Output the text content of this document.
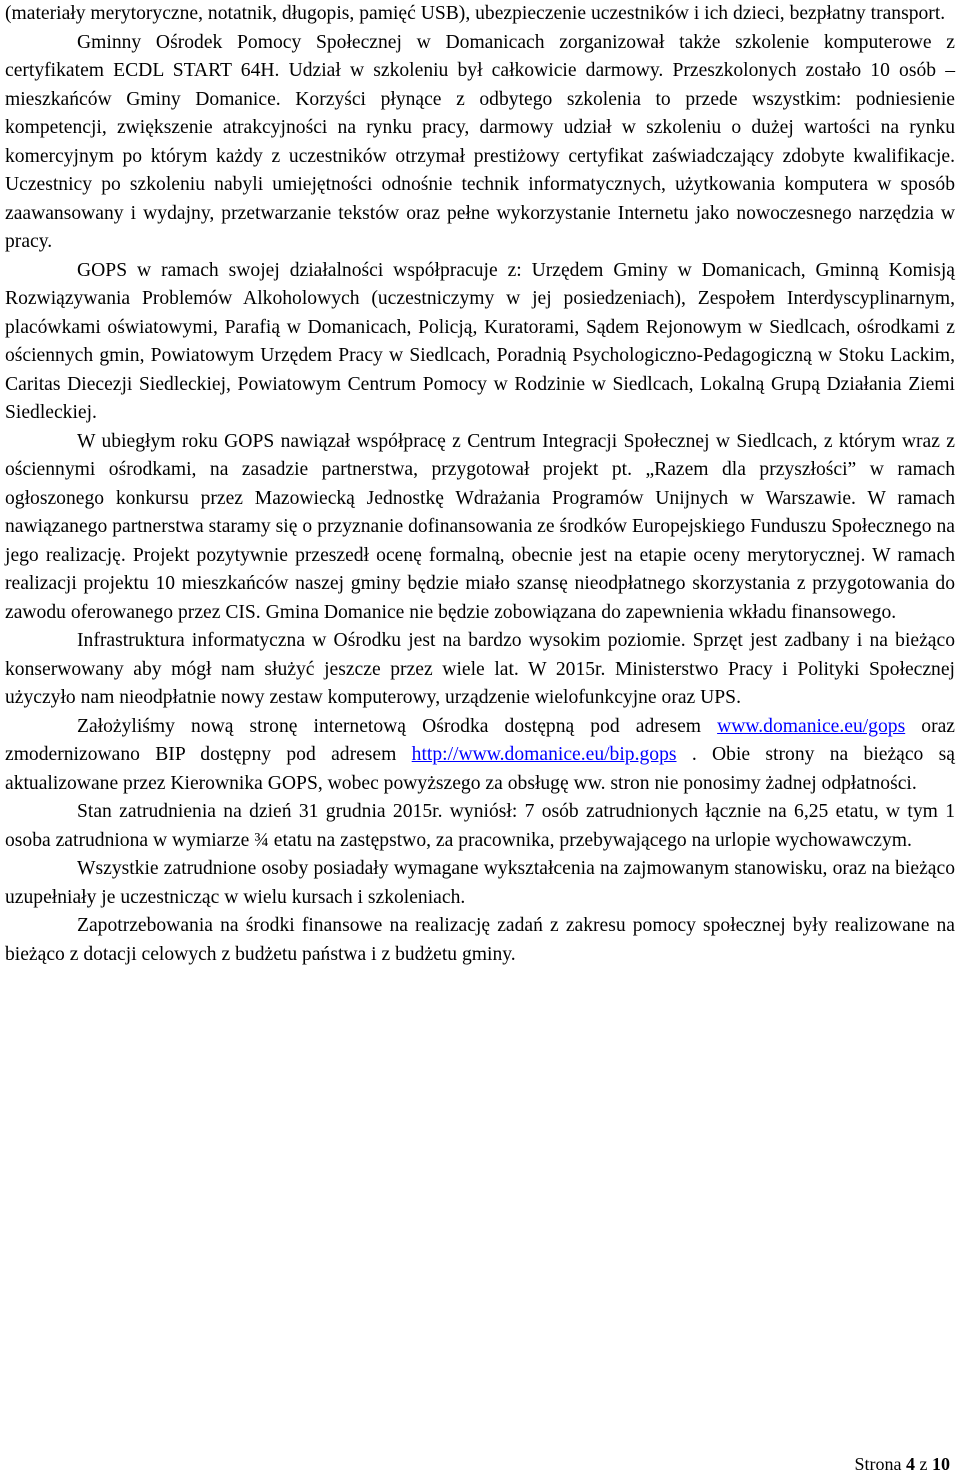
(materiały merytoryczne, notatnik, długopis, pamięć USB), ubezpieczenie uczestników i ich dzieci, bezpłatny transport.

Gminny Ośrodek Pomocy Społecznej w Domanicach zorganizował także szkolenie komputerowe z certyfikatem ECDL START 64H. Udział w szkoleniu był całkowicie darmowy. Przeszkolonych zostało 10 osób – mieszkańców Gminy Domanice. Korzyści płynące z odbytego szkolenia to przede wszystkim: podniesienie kompetencji, zwiększenie atrakcyjności na rynku pracy, darmowy udział w szkoleniu o dużej wartości na rynku komercyjnym po którym każdy z uczestników otrzymał prestiżowy certyfikat zaświadczający zdobyte kwalifikacje. Uczestnicy po szkoleniu nabyli umiejętności odnośnie technik informatycznych, użytkowania komputera w sposób zaawansowany i wydajny, przetwarzanie tekstów oraz pełne wykorzystanie Internetu jako nowoczesnego narzędzia w pracy.

GOPS w ramach swojej działalności współpracuje z: Urzędem Gminy w Domanicach, Gminną Komisją Rozwiązywania Problemów Alkoholowych (uczestniczymy w jej posiedzeniach), Zespołem Interdyscyplinarnym, placówkami oświatowymi, Parafią w Domanicach, Policją, Kuratorami, Sądem Rejonowym w Siedlcach, ośrodkami z ościennych gmin, Powiatowym Urzędem Pracy w Siedlcach, Poradnią Psychologiczno-Pedagogiczną w Stoku Lackim, Caritas Diecezji Siedleckiej, Powiatowym Centrum Pomocy w Rodzinie w Siedlcach, Lokalną Grupą Działania Ziemi Siedleckiej.

W ubiegłym roku GOPS nawiązał współpracę z Centrum Integracji Społecznej w Siedlcach, z którym wraz z ościennymi ośrodkami, na zasadzie partnerstwa, przygotował projekt pt. „Razem dla przyszłości” w ramach ogłoszonego konkursu przez Mazowiecką Jednostkę Wdrażania Programów Unijnych w Warszawie. W ramach nawiązanego partnerstwa staramy się o przyznanie dofinansowania ze środków Europejskiego Funduszu Społecznego na jego realizację. Projekt pozytywnie przeszedł ocenę formalną, obecnie jest na etapie oceny merytorycznej. W ramach realizacji projektu 10 mieszkańców naszej gminy będzie miało szansę nieodpłatnego skorzystania z przygotowania do zawodu oferowanego przez CIS. Gmina Domanice nie będzie zobowiązana do zapewnienia wkładu finansowego.

Infrastruktura informatyczna w Ośrodku jest na bardzo wysokim poziomie. Sprzęt jest zadbany i na bieżąco konserwowany aby mógł nam służyć jeszcze przez wiele lat. W 2015r. Ministerstwo Pracy i Polityki Społecznej użyczyło nam nieodpłatnie nowy zestaw komputerowy, urządzenie wielofunkcyjne oraz UPS.

Założyliśmy nową stronę internetową Ośrodka dostępną pod adresem www.domanice.eu/gops oraz zmodernizowano BIP dostępny pod adresem http://www.domanice.eu/bip.gops . Obie strony na bieżąco są aktualizowane przez Kierownika GOPS, wobec powyższego za obsługę ww. stron nie ponosimy żadnej odpłatności.

Stan zatrudnienia na dzień 31 grudnia 2015r. wyniósł: 7 osób zatrudnionych łącznie na 6,25 etatu, w tym 1 osoba zatrudniona w wymiarze ¾ etatu na zastępstwo, za pracownika, przebywającego na urlopie wychowawczym.

Wszystkie zatrudnione osoby posiadały wymagane wykształcenia na zajmowanym stanowisku, oraz na bieżąco uzupełniały je uczestnicząc w wielu kursach i szkoleniach.

Zapotrzebowania na środki finansowe na realizację zadań z zakresu pomocy społecznej były realizowane na bieżąco z dotacji celowych z budżetu państwa i z budżetu gminy.

Strona 4 z 10
